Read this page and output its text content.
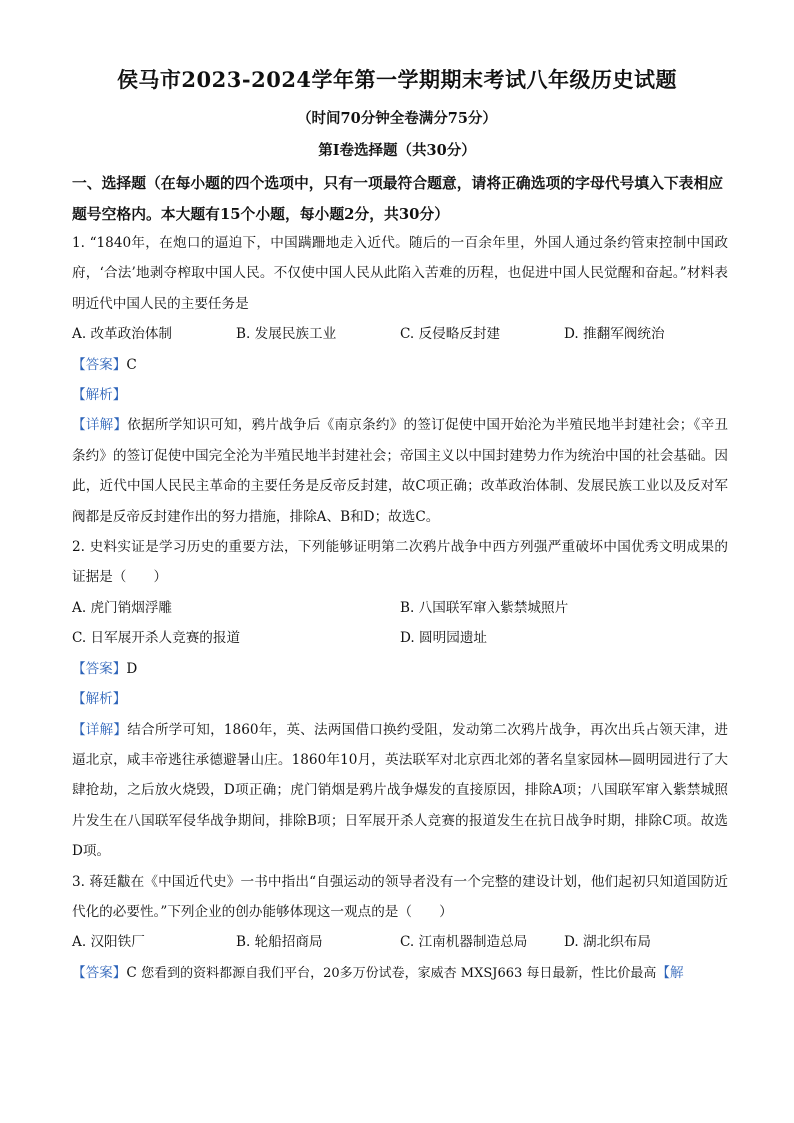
侯马市2023-2024学年第一学期期末考试八年级历史试题
（时间70分钟全卷满分75分）
第Ⅰ卷选择题（共30分）
一、选择题（在每小题的四个选项中，只有一项最符合题意，请将正确选项的字母代号填入下表相应题号空格内。本大题有15个小题，每小题2分，共30分）

1. “1840年，在炮口的逼迫下，中国蹒跚地走入近代。随后的一百余年里，外国人通过条约管束控制中国政府，‘合法’地剥夺榨取中国人民。不仅使中国人民从此陷入苦难的历程，也促进中国人民觉醒和奋起。”材料表明近代中国人民的主要任务是

A. 改革政治体制	B. 发展民族工业	C. 反侵略反封建	D. 推翻军阀统治

【答案】C

【解析】

【详解】依据所学知识可知，鸦片战争后《南京条约》的签订促使中国开始沦为半殖民地半封建社会；《辛丑条约》的签订促使中国完全沦为半殖民地半封建社会；帝国主义以中国封建势力作为统治中国的社会基础。因此，近代中国人民民主革命的主要任务是反帝反封建，故C项正确；改革政治体制、发展民族工业以及反对军阀都是反帝反封建作出的努力措施，排除A、B和D；故选C。

2. 史料实证是学习历史的重要方法，下列能够证明第二次鸦片战争中西方列强严重破坏中国优秀文明成果的证据是（　　）

A. 虎门销烟浮雕	B. 八国联军窜入紫禁城照片

C. 日军展开杀人竞赛的报道	D. 圆明园遗址

【答案】D

【解析】

【详解】结合所学可知，1860年，英、法两国借口换约受阻，发动第二次鸦片战争，再次出兵占领天津，进逼北京，咸丰帝逃往承德避暑山庄。1860年10月，英法联军对北京西北郊的著名皇家园林—圆明园进行了大肆抢劫，之后放火烧毁，D项正确；虎门销烟是鸦片战争爆发的直接原因，排除A项；八国联军窜入紫禁城照片发生在八国联军侵华战争期间，排除B项；日军展开杀人竞赛的报道发生在抗日战争时期，排除C项。故选D项。

3. 蒋廷黻在《中国近代史》一书中指出“自强运动的领导者没有一个完整的建设计划，他们起初只知道国防近代化的必要性。”下列企业的创办能够体现这一观点的是（　　）

A. 汉阳铁厂	B. 轮船招商局	C. 江南机器制造总局	D. 湖北织布局

【答案】C 您看到的资料都源自我们平台，20多万份试卷，家威杏 MXSJ663 每日最新，性比价最高【解
